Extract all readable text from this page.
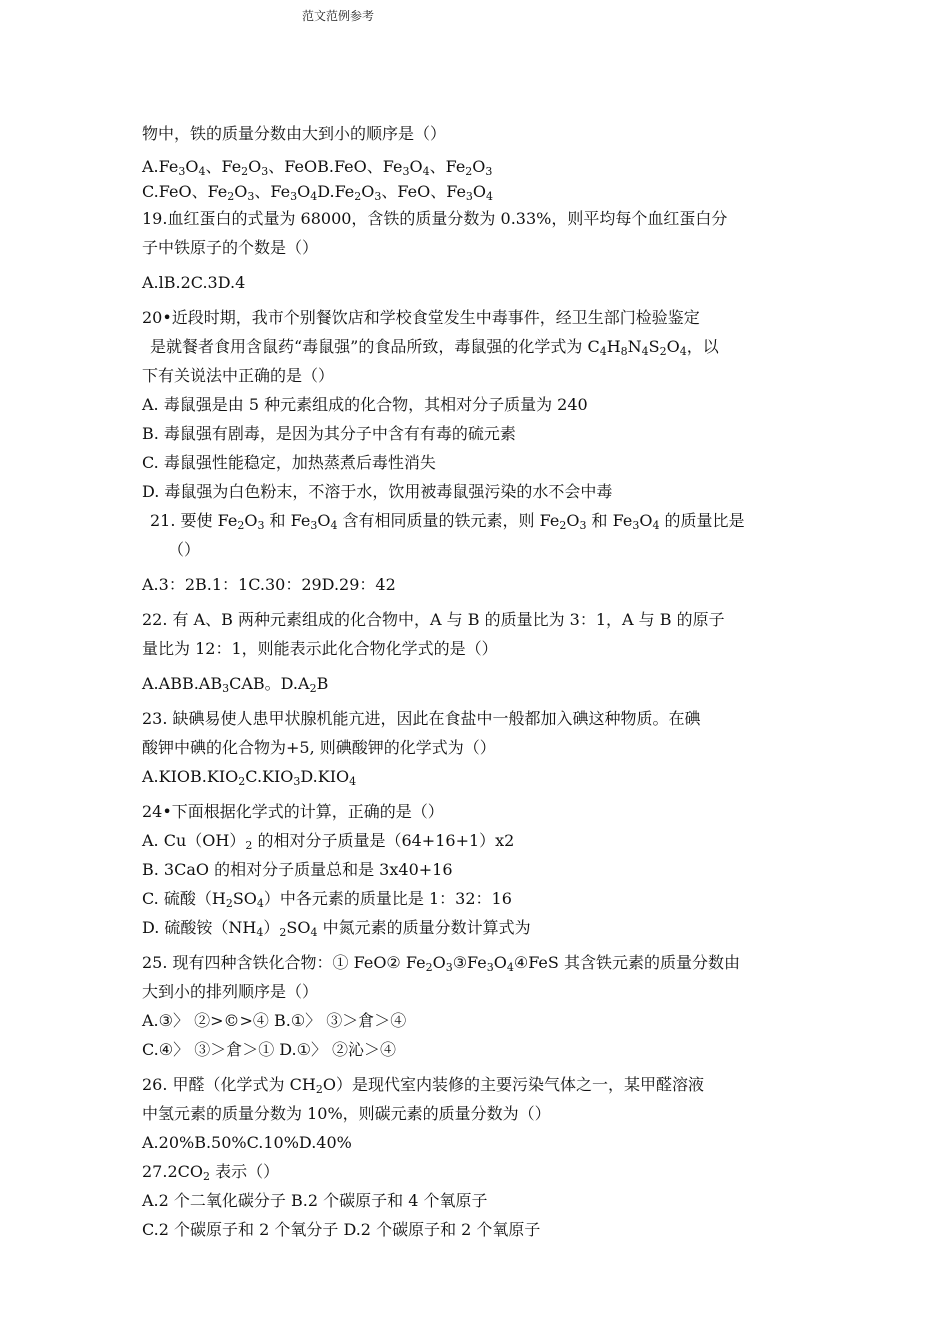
范文范例参考
物中，铁的质量分数由大到小的顺序是（）
$A.Fe_3O_4$、$Fe_2O_3$、FeOB.FeO、$Fe_3O_4$、$Fe_2O_3$
C.FeO、$Fe_2O_3$、$Fe_3O_4D.Fe_2O_3$、FeO、$Fe_3O_4$
19.血红蛋白的式量为 68000，含铁的质量分数为 0.33%，则平均每个血红蛋白分
子中铁原子的个数是（）
A.lB.2C.3D.4
20•近段时期，我市个别餐饮店和学校食堂发生中毒事件，经卫生部门检验鉴定
是就餐者食用含鼠药“毒鼠强”的食品所致，毒鼠强的化学式为 $C_4H_8N_4S_2O_4$，以
下有关说法中正确的是（）
A. 毒鼠强是由 5 种元素组成的化合物，其相对分子质量为 240
B. 毒鼠强有剧毒，是因为其分子中含有有毒的硫元素
C. 毒鼠强性能稳定，加热蒸煮后毒性消失
D. 毒鼠强为白色粉末，不溶于水，饮用被毒鼠强污染的水不会中毒
21. 要使 $Fe_2O_3$ 和 $Fe_3O_4$ 含有相同质量的铁元素，则 $Fe_2O_3$ 和 $Fe_3O_4$ 的质量比是
（）
A.3：2B.1：1C.30：29D.29：42
22. 有 A、B 两种元素组成的化合物中，A 与 B 的质量比为 3：1，A 与 B 的原子
量比为 12：1，则能表示此化合物化学式的是（）
$A.ABB.AB_3CAB$。$D.A_2B$
23. 缺碘易使人患甲状腺机能亢进，因此在食盐中一般都加入碘这种物质。在碘
酸钾中碘的化合物为+5, 则碘酸钾的化学式为（）
$A.KIOB.KIO_2C.KIO_3D.KIO_4$
24•下面根据化学式的计算，正确的是（）
A. $Cu(OH)_2$ 的相对分子质量是（64+16+1）x2
B. 3CaO 的相对分子质量总和是 3x40+16
C. 硫酸$(H_2SO_4)$中各元素的质量比是 1：32：16
D. 硫酸铵$(NH_4)_2SO_4$ 中氮元素的质量分数计算式为
25. 现有四种含铁化合物：① FeO② $Fe_2O_3③Fe_3O_4④FeS$ 其含铁元素的质量分数由
大到小的排列顺序是（）
A.③〉 ②>©>④ B.①〉 ③＞倉＞④
C.④〉 ③＞倉＞① D.①〉 ②沁＞④
26. 甲醛（化学式为 $CH_2O$）是现代室内装修的主要污染气体之一，某甲醛溶液
中氢元素的质量分数为 10%，则碳元素的质量分数为（）
A.20%B.50%C.10%D.40%
$27.2CO_2$ 表示（）
A.2 个二氧化碳分子 B.2 个碳原子和 4 个氧原子
C.2 个碳原子和 2 个氧分子 D.2 个碳原子和 2 个氧原子
